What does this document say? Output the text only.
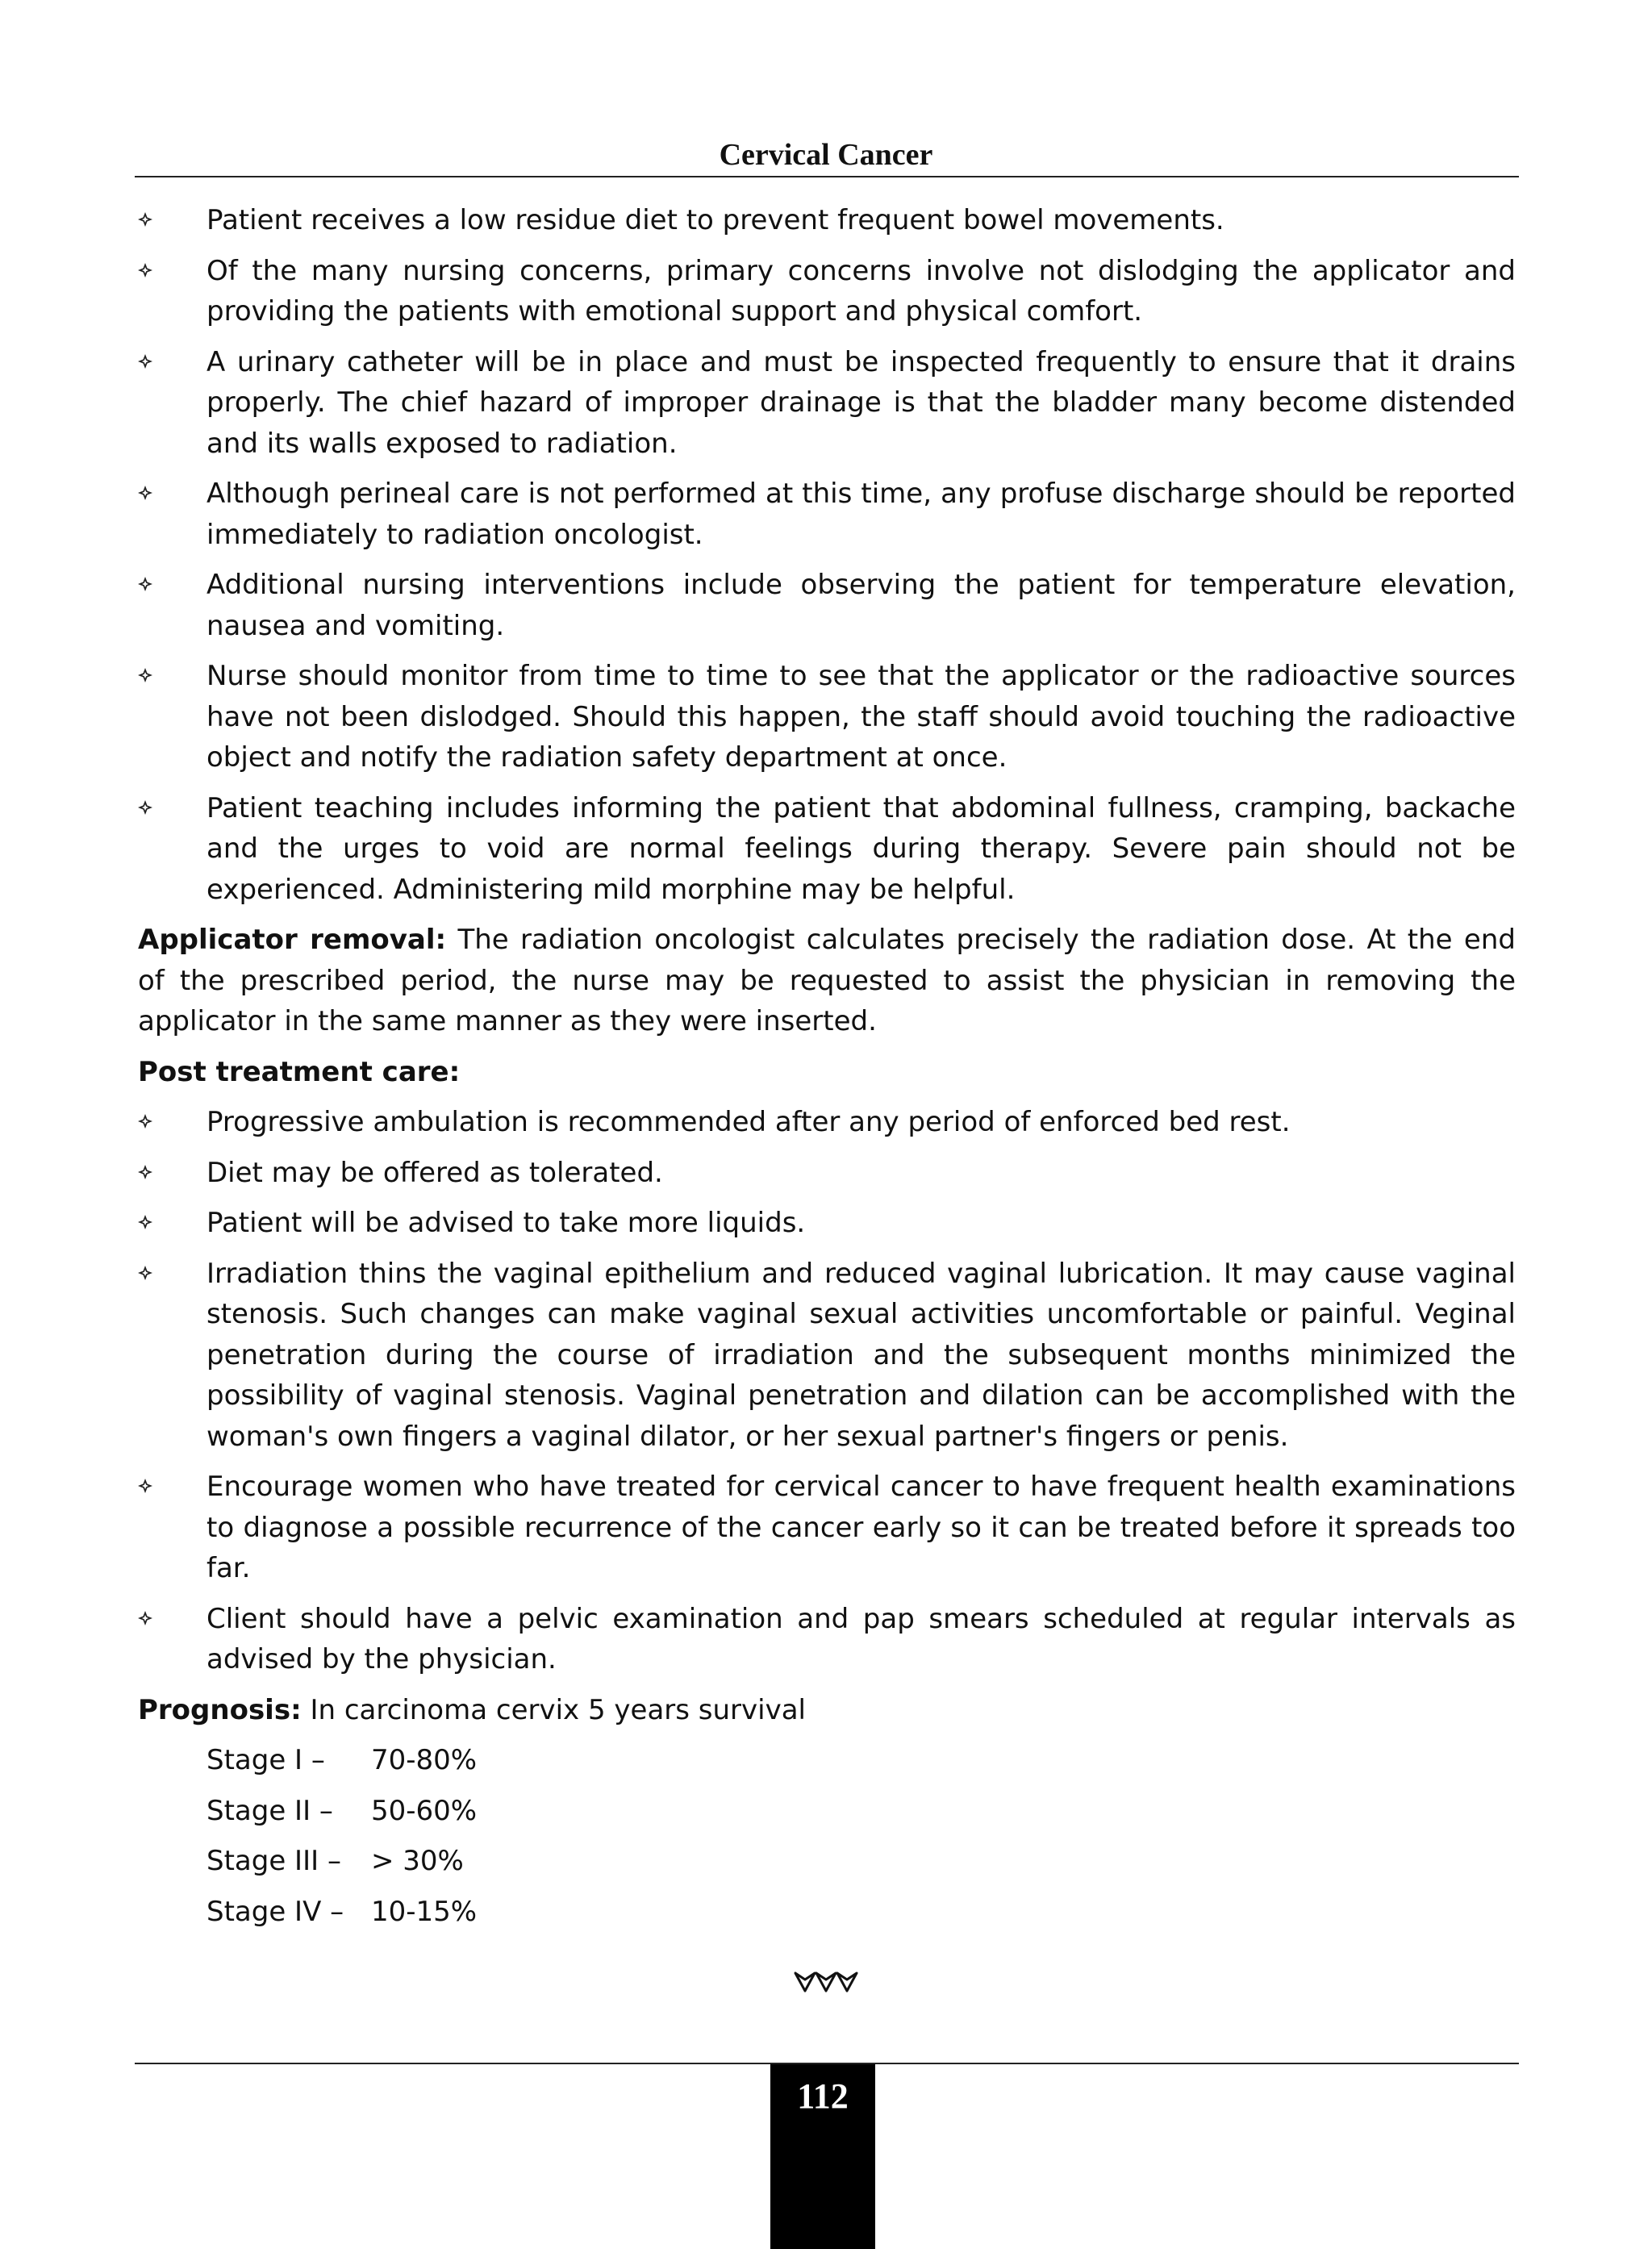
Cervical Cancer
Patient receives a low residue diet to prevent frequent bowel movements.
Of the many nursing concerns, primary concerns involve not dislodging the applicator and providing the patients with emotional support and physical comfort.
A urinary catheter will be in place and must be inspected frequently to ensure that it drains properly. The chief hazard of improper drainage is that the bladder many become distended and its walls exposed to radiation.
Although perineal care is not performed at this time, any profuse discharge should be reported immediately to radiation oncologist.
Additional nursing interventions include observing the patient for temperature elevation, nausea and vomiting.
Nurse should monitor from time to time to see that the applicator or the radioactive sources have not been dislodged. Should this happen, the staff should avoid touching the radioactive object and notify the radiation safety department at once.
Patient teaching includes informing the patient that abdominal fullness, cramping, backache and the urges to void are normal feelings during therapy. Severe pain should not be experienced. Administering mild morphine may be helpful.

Applicator removal: The radiation oncologist calculates precisely the radiation dose. At the end of the prescribed period, the nurse may be requested to assist the physician in removing the applicator in the same manner as they were inserted.

Post treatment care:

Progressive ambulation is recommended after any period of enforced bed rest.
Diet may be offered as tolerated.
Patient will be advised to take more liquids.
Irradiation thins the vaginal epithelium and reduced vaginal lubrication. It may cause vaginal stenosis. Such changes can make vaginal sexual activities uncomfortable or painful. Veginal penetration during the course of irradiation and the subsequent months minimized the possibility of vaginal stenosis. Vaginal penetration and dilation can be accomplished with the woman's own fingers a vaginal dilator, or her sexual partner's fingers or penis.
Encourage women who have treated for cervical cancer to have frequent health examinations to diagnose a possible recurrence of the cancer early so it can be treated before it spreads too far.
Client should have a pelvic examination and pap smears scheduled at regular intervals as advised by the physician.

Prognosis: In carcinoma cervix 5 years survival

Stage I – 70-80%
Stage II – 50-60%
Stage III – > 30%
Stage IV – 10-15%
112
